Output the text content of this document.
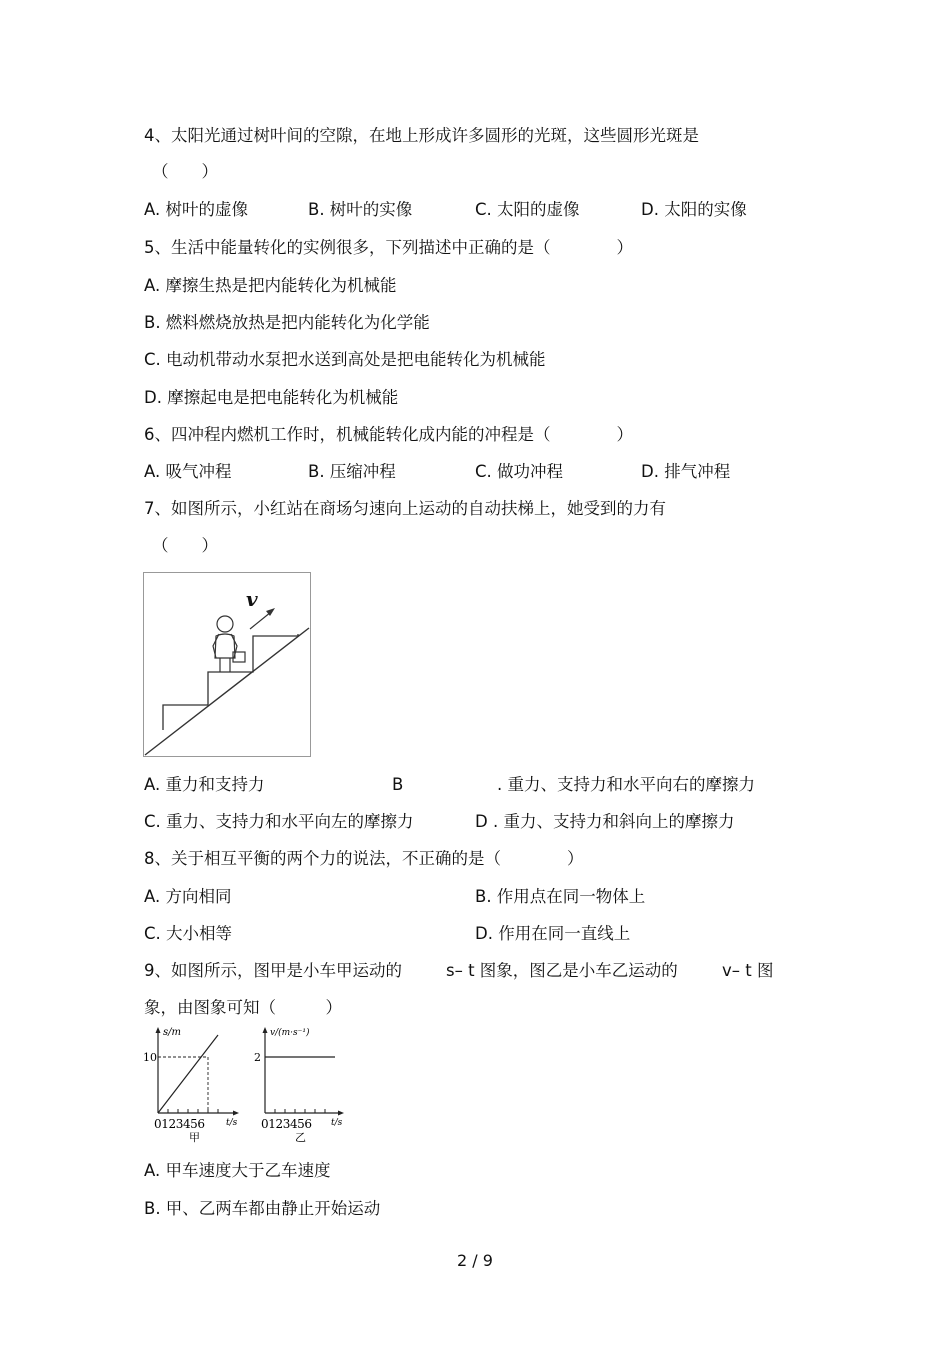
4、太阳光通过树叶间的空隙，在地上形成许多圆形的光斑，这些圆形光斑是
（　　）
A. 树叶的虚像	B. 树叶的实像	C. 太阳的虚像	D. 太阳的实像
5、生活中能量转化的实例很多，下列描述中正确的是（　　　　）
A. 摩擦生热是把内能转化为机械能
B. 燃料燃烧放热是把内能转化为化学能
C. 电动机带动水泵把水送到高处是把电能转化为机械能
D. 摩擦起电是把电能转化为机械能
6、四冲程内燃机工作时，机械能转化成内能的冲程是（　　　　）
A. 吸气冲程	B. 压缩冲程	C. 做功冲程	D. 排气冲程
7、如图所示，小红站在商场匀速向上运动的自动扶梯上，她受到的力有
（　　）
v
A. 重力和支持力	B	. 重力、支持力和水平向右的摩擦力
C. 重力、支持力和水平向左的摩擦力	D . 重力、支持力和斜向上的摩擦力
8、关于相互平衡的两个力的说法，不正确的是（　　　　）
A. 方向相同	B. 作用点在同一物体上
C. 大小相等	D. 作用在同一直线上
9、如图所示，图甲是小车甲运动的	s– t 图象，图乙是小车乙运动的	v– t 图
象，由图象可知（　　　）
s/m
10
0123456 t/s
甲
v/(m·s⁻¹)
2
0123456 t/s
乙
A. 甲车速度大于乙车速度
B. 甲、乙两车都由静止开始运动
2 / 9
